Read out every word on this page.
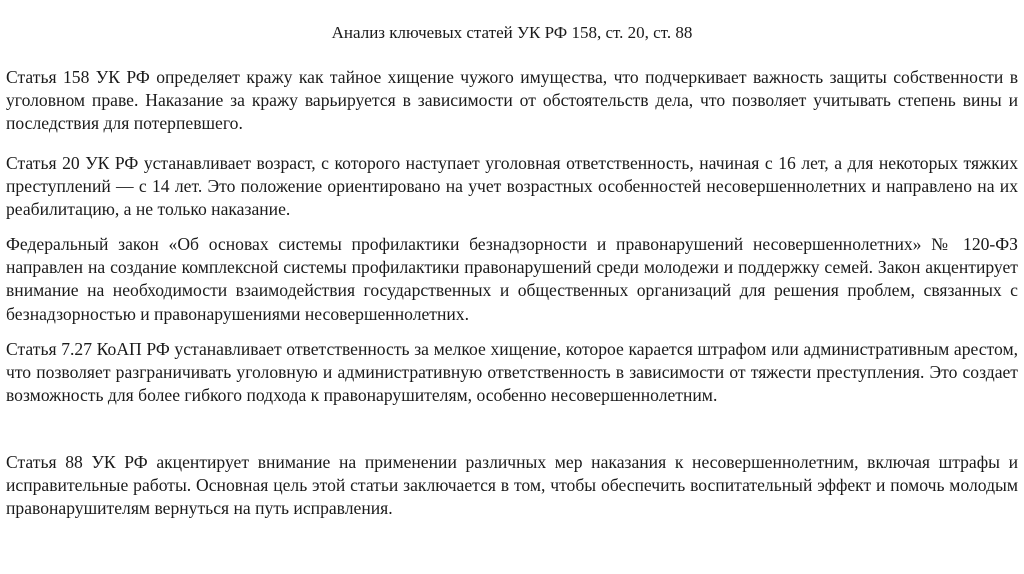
Анализ ключевых статей УК РФ 158, ст. 20, ст. 88

Статья 158 УК РФ определяет кражу как тайное хищение чужого имущества, что подчеркивает важность защиты собственности в уголовном праве. Наказание за кражу варьируется в зависимости от обстоятельств дела, что позволяет учитывать степень вины и последствия для потерпевшего.

Статья 20 УК РФ устанавливает возраст, с которого наступает уголовная ответственность, начиная с 16 лет, а для некоторых тяжких преступлений — с 14 лет. Это положение ориентировано на учет возрастных особенностей несовершеннолетних и направлено на их реабилитацию, а не только наказание.

Федеральный закон «Об основах системы профилактики безнадзорности и правонарушений несовершеннолетних» № 120-ФЗ направлен на создание комплексной системы профилактики правонарушений среди молодежи и поддержку семей. Закон акцентирует внимание на необходимости взаимодействия государственных и общественных организаций для решения проблем, связанных с безнадзорностью и правонарушениями несовершеннолетних.

Статья 7.27 КоАП РФ устанавливает ответственность за мелкое хищение, которое карается штрафом или административным арестом, что позволяет разграничивать уголовную и административную ответственность в зависимости от тяжести преступления. Это создает возможность для более гибкого подхода к правонарушителям, особенно несовершеннолетним.

Статья 88 УК РФ акцентирует внимание на применении различных мер наказания к несовершеннолетним, включая штрафы и исправительные работы. Основная цель этой статьи заключается в том, чтобы обеспечить воспитательный эффект и помочь молодым правонарушителям вернуться на путь исправления.
